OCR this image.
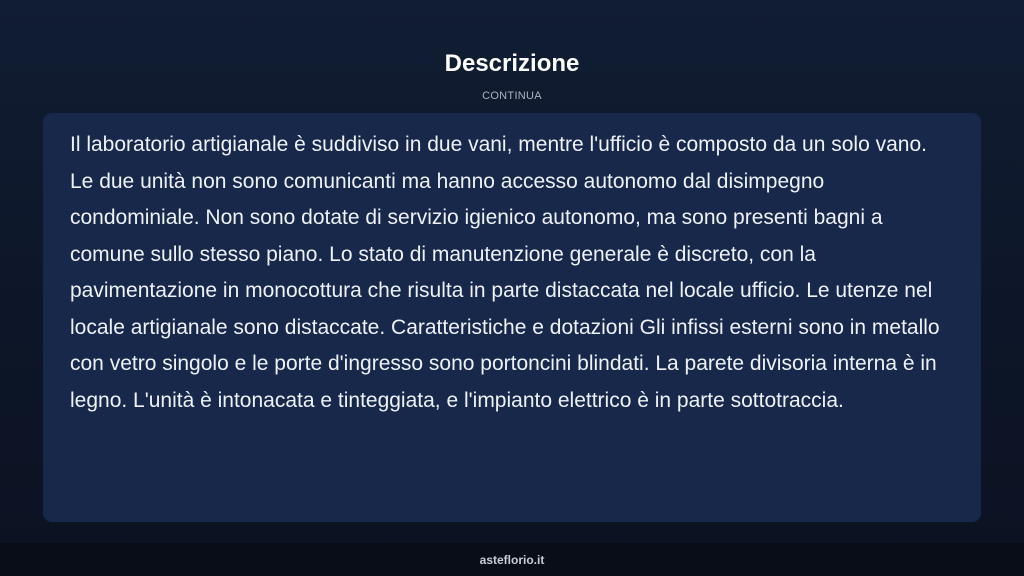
Descrizione
CONTINUA

Il laboratorio artigianale è suddiviso in due vani, mentre l'ufficio è composto da un solo vano. Le due unità non sono comunicanti ma hanno accesso autonomo dal disimpegno condominiale. Non sono dotate di servizio igienico autonomo, ma sono presenti bagni a comune sullo stesso piano. Lo stato di manutenzione generale è discreto, con la pavimentazione in monocottura che risulta in parte distaccata nel locale ufficio. Le utenze nel locale artigianale sono distaccate. Caratteristiche e dotazioni Gli infissi esterni sono in metallo con vetro singolo e le porte d'ingresso sono portoncini blindati. La parete divisoria interna è in legno. L'unità è intonacata e tinteggiata, e l'impianto elettrico è in parte sottotraccia.

asteflorio.it
